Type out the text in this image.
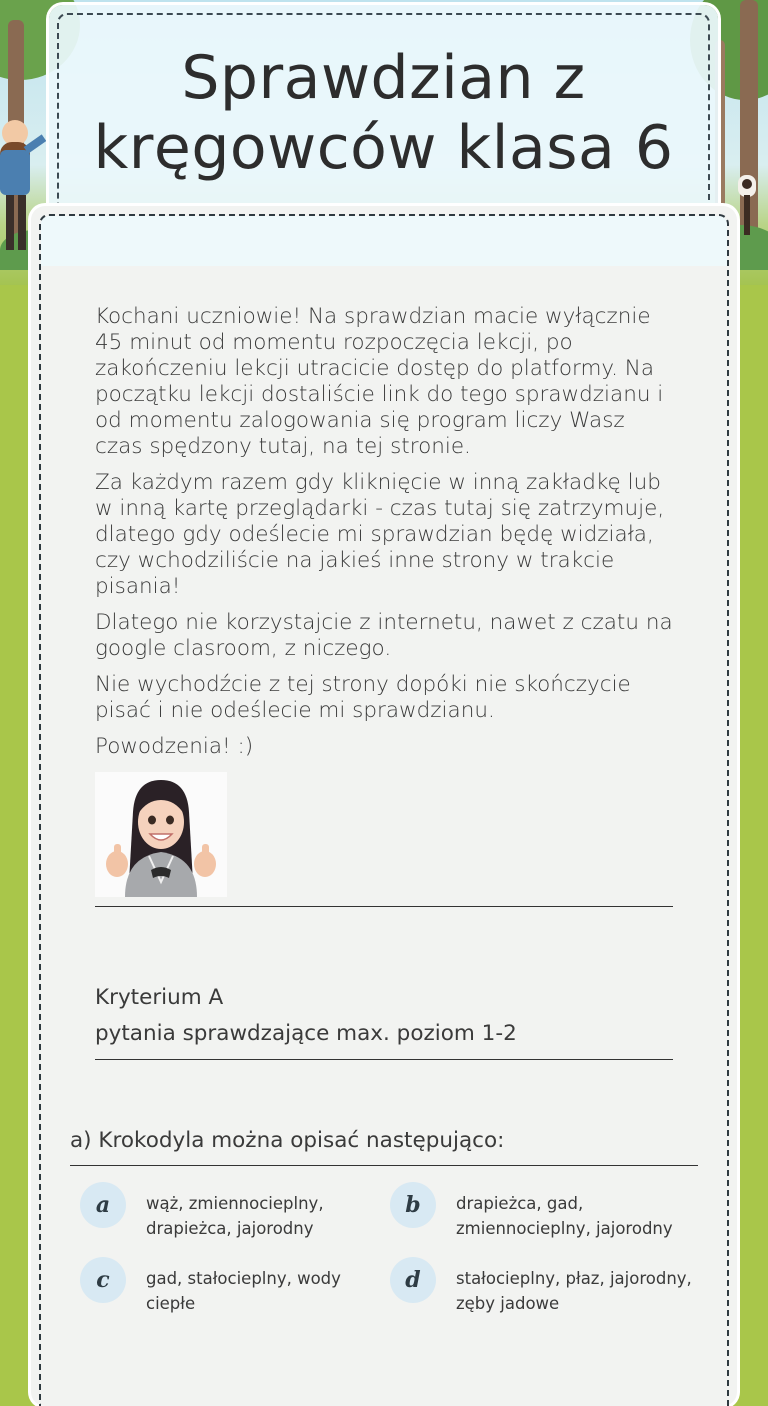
Sprawdzian z kręgowców klasa 6

Kochani uczniowie! Na sprawdzian macie wyłącznie 45 minut od momentu rozpoczęcia lekcji, po zakończeniu lekcji utracicie dostęp do platformy. Na początku lekcji dostaliście link do tego sprawdzianu i od momentu zalogowania się program liczy Wasz czas spędzony tutaj, na tej stronie.

Za każdym razem gdy kliknięcie w inną zakładkę lub w inną kartę przeglądarki - czas tutaj się zatrzymuje, dlatego gdy odeślecie mi sprawdzian będę widziała, czy wchodziliście na jakieś inne strony w trakcie pisania!

Dlatego nie korzystajcie z internetu, nawet z czatu na google clasroom, z niczego.

Nie wychodźcie z tej strony dopóki nie skończycie pisać i nie odeślecie mi sprawdzianu.

Powodzenia! :)

Kryterium A
pytania sprawdzające max. poziom 1-2
a) Krokodyla można opisać następująco:
a	wąż, zmiennocieplny, drapieżca, jajorodny
b	drapieżca, gad, zmiennocieplny, jajorodny
c	gad, stałocieplny, wody ciepłe
d	stałocieplny, płaz, jajorodny, zęby jadowe
